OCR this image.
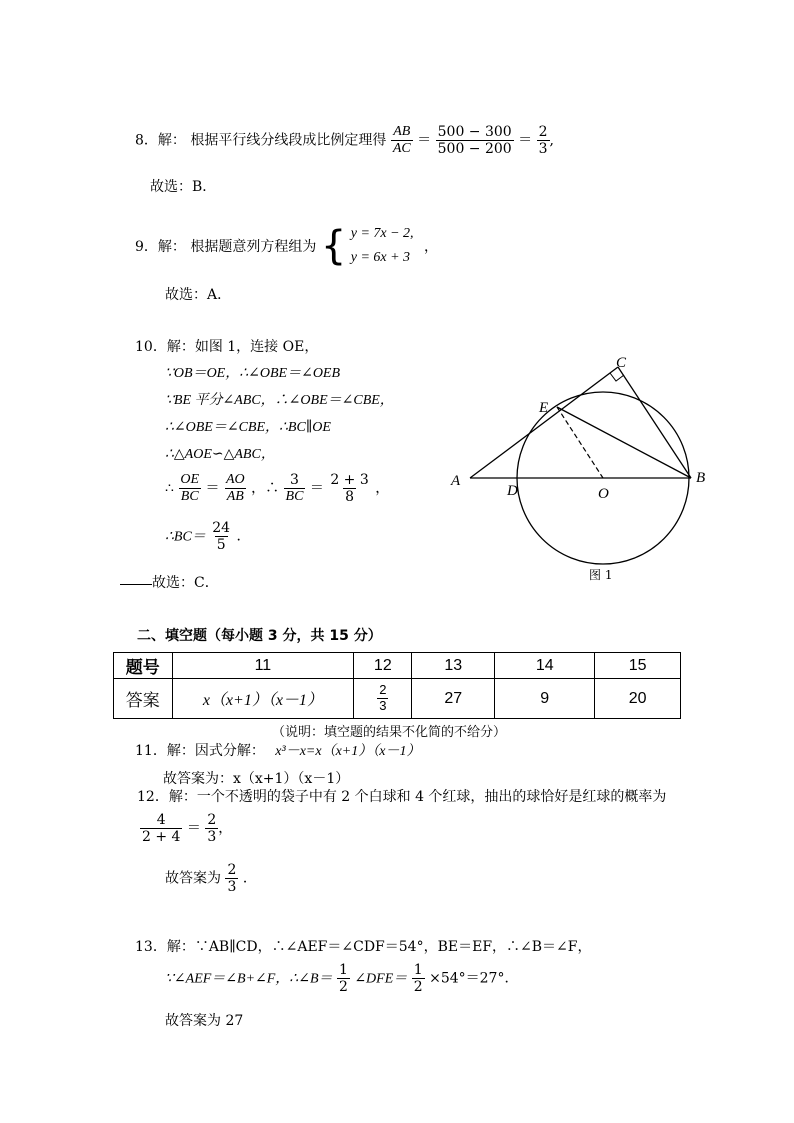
8．解： 根据平行线分线段成比例定理得 $\frac{AB}{AC} = \frac{500 - 300}{500 - 200} = \frac{2}{3}$ ,
故选：B．
9．解： 根据题意列方程组为 { y = 7x − 2,
y = 6x + 3
，
故选：A．
10．解：如图 1，连接 OE，
∵OB＝OE，∴∠OBE＝∠OEB
∵BE 平分∠ABC，∴∠OBE＝∠CBE，
∴∠OBE＝∠CBE，∴BC∥OE
∴△AOE∽△ABC，
∴ $\frac{OE}{BC} = \frac{AO}{AB}$ ，∴ $\frac{3}{BC} = \frac{2 + 3}{8}$ ，
∴BC＝ $\frac{24}{5}$ ．
故选：C．
A	B
C
D
E
O
图 1
二、填空题（每小题 3 分，共 15 分）
题号	11	12	13	14	15
答案	x（x+1）（x－1）	$\frac{2}{3}$	27	9	20
（说明：填空题的结果不化简的不给分）
11．解：因式分解： x³－x=x（x+1）（x－1）
故答案为：x（x+1）（x－1）
12．解：一个不透明的袋子中有 2 个白球和 4 个红球，抽出的球恰好是红球的概率为
$\frac{4}{2 + 4} = \frac{2}{3}$ ，
故答案为 $\frac{2}{3}$ ．
13．解：∵AB∥CD，∴∠AEF＝∠CDF＝54°，BE＝EF，∴∠B＝∠F，
∵∠AEF＝∠B+∠F，∴∠B＝ $\frac{1}{2}$ ∠DFE＝ $\frac{1}{2} \times 54^\circ=27^\circ$．
故答案为 27
